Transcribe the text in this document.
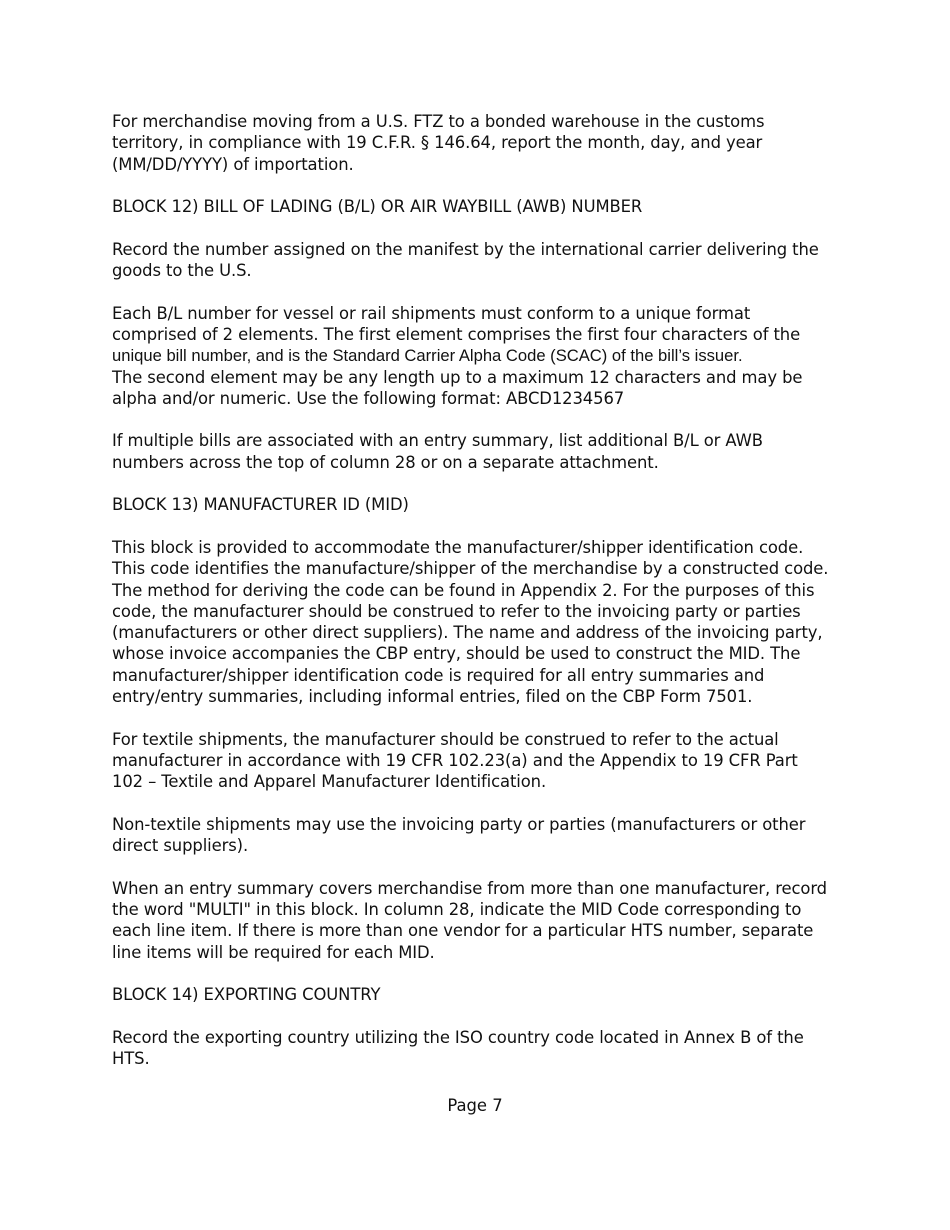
For merchandise moving from a U.S. FTZ to a bonded warehouse in the customs
territory, in compliance with 19 C.F.R. § 146.64, report the month, day, and year
(MM/DD/YYYY) of importation.

BLOCK 12) BILL OF LADING (B/L) OR AIR WAYBILL (AWB) NUMBER

Record the number assigned on the manifest by the international carrier delivering the
goods to the U.S.

Each B/L number for vessel or rail shipments must conform to a unique format
comprised of 2 elements. The first element comprises the first four characters of the
unique bill number, and is the Standard Carrier Alpha Code (SCAC) of the bill’s issuer.
The second element may be any length up to a maximum 12 characters and may be
alpha and/or numeric. Use the following format: ABCD1234567

If multiple bills are associated with an entry summary, list additional B/L or AWB
numbers across the top of column 28 or on a separate attachment.

BLOCK 13) MANUFACTURER ID (MID)

This block is provided to accommodate the manufacturer/shipper identification code.
This code identifies the manufacture/shipper of the merchandise by a constructed code.
The method for deriving the code can be found in Appendix 2. For the purposes of this
code, the manufacturer should be construed to refer to the invoicing party or parties
(manufacturers or other direct suppliers). The name and address of the invoicing party,
whose invoice accompanies the CBP entry, should be used to construct the MID. The
manufacturer/shipper identification code is required for all entry summaries and
entry/entry summaries, including informal entries, filed on the CBP Form 7501.

For textile shipments, the manufacturer should be construed to refer to the actual
manufacturer in accordance with 19 CFR 102.23(a) and the Appendix to 19 CFR Part
102 – Textile and Apparel Manufacturer Identification.

Non-textile shipments may use the invoicing party or parties (manufacturers or other
direct suppliers).

When an entry summary covers merchandise from more than one manufacturer, record
the word "MULTI" in this block. In column 28, indicate the MID Code corresponding to
each line item. If there is more than one vendor for a particular HTS number, separate
line items will be required for each MID.

BLOCK 14) EXPORTING COUNTRY

Record the exporting country utilizing the ISO country code located in Annex B of the
HTS.

Page 7
